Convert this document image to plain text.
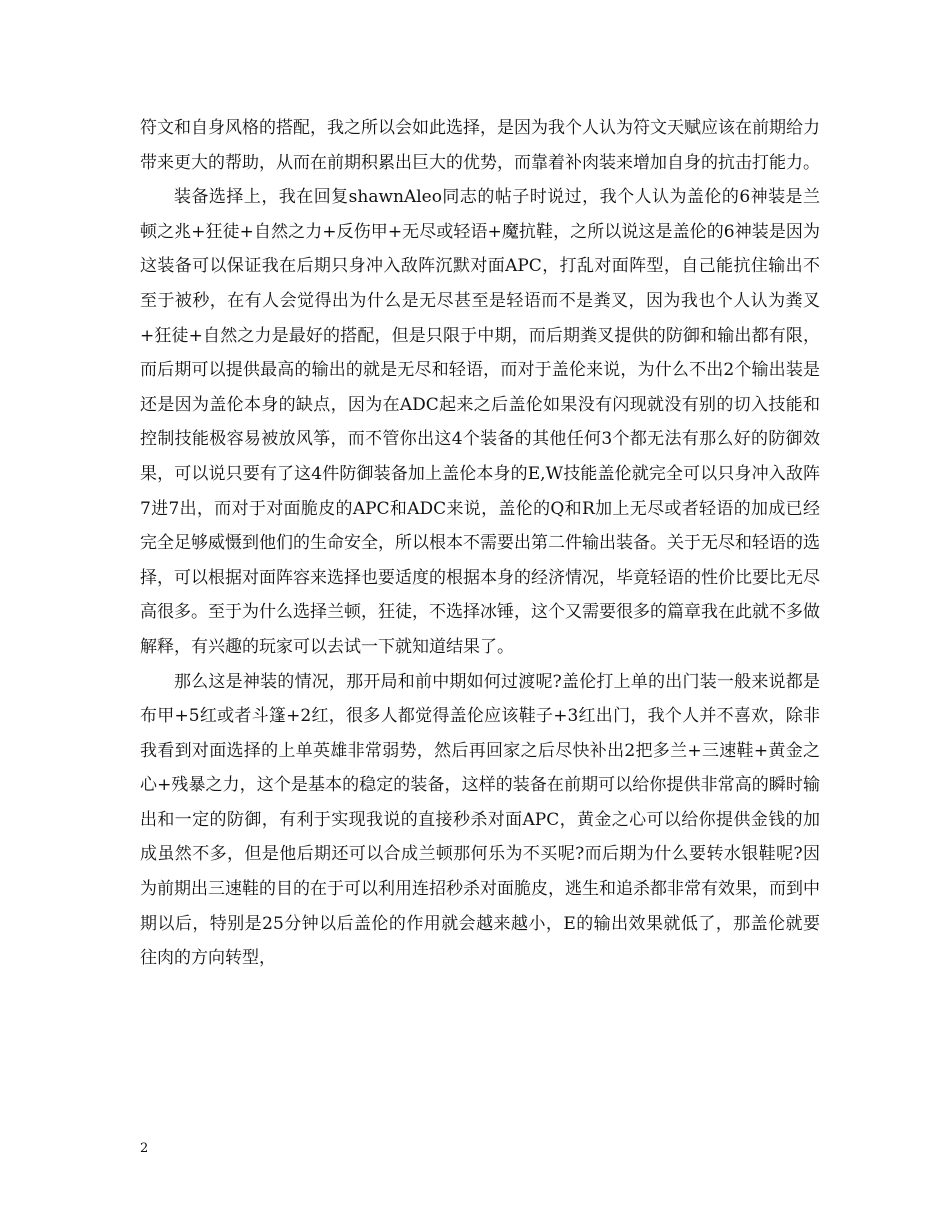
符文和自身风格的搭配，我之所以会如此选择，是因为我个人认为符文天赋应该在前期给力带来更大的帮助，从而在前期积累出巨大的优势，而靠着补肉装来增加自身的抗击打能力。

装备选择上，我在回复shawnAleo同志的帖子时说过，我个人认为盖伦的6神装是兰顿之兆+狂徒+自然之力+反伤甲+无尽或轻语+魔抗鞋，之所以说这是盖伦的6神装是因为这装备可以保证我在后期只身冲入敌阵沉默对面APC，打乱对面阵型，自己能抗住输出不至于被秒，在有人会觉得出为什么是无尽甚至是轻语而不是粪叉，因为我也个人认为粪叉+狂徒+自然之力是最好的搭配，但是只限于中期，而后期粪叉提供的防御和输出都有限，而后期可以提供最高的输出的就是无尽和轻语，而对于盖伦来说，为什么不出2个输出装是还是因为盖伦本身的缺点，因为在ADC起来之后盖伦如果没有闪现就没有别的切入技能和控制技能极容易被放风筝，而不管你出这4个装备的其他任何3个都无法有那么好的防御效果，可以说只要有了这4件防御装备加上盖伦本身的E,W技能盖伦就完全可以只身冲入敌阵7进7出，而对于对面脆皮的APC和ADC来说，盖伦的Q和R加上无尽或者轻语的加成已经完全足够威慑到他们的生命安全，所以根本不需要出第二件输出装备。关于无尽和轻语的选择，可以根据对面阵容来选择也要适度的根据本身的经济情况，毕竟轻语的性价比要比无尽高很多。至于为什么选择兰顿，狂徒，不选择冰锤，这个又需要很多的篇章我在此就不多做解释，有兴趣的玩家可以去试一下就知道结果了。

那么这是神装的情况，那开局和前中期如何过渡呢?盖伦打上单的出门装一般来说都是布甲+5红或者斗篷+2红，很多人都觉得盖伦应该鞋子+3红出门，我个人并不喜欢，除非我看到对面选择的上单英雄非常弱势，然后再回家之后尽快补出2把多兰+三速鞋+黄金之心+残暴之力，这个是基本的稳定的装备，这样的装备在前期可以给你提供非常高的瞬时输出和一定的防御，有利于实现我说的直接秒杀对面APC，黄金之心可以给你提供金钱的加成虽然不多，但是他后期还可以合成兰顿那何乐为不买呢?而后期为什么要转水银鞋呢?因为前期出三速鞋的目的在于可以利用连招秒杀对面脆皮，逃生和追杀都非常有效果，而到中期以后，特别是25分钟以后盖伦的作用就会越来越小，E的输出效果就低了，那盖伦就要往肉的方向转型，

2
